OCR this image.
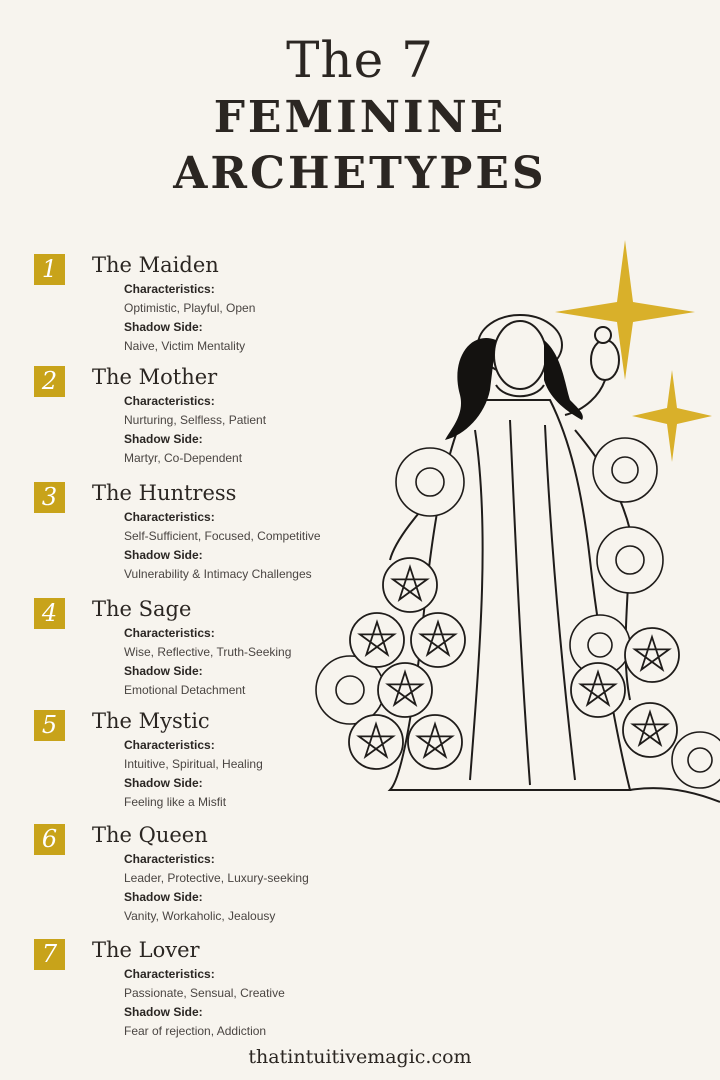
The 7
FEMININE
ARCHETYPES
1	The Maiden
Characteristics:
Optimistic, Playful, Open
Shadow Side:
Naive, Victim Mentality
2	The Mother
Characteristics:
Nurturing, Selfless, Patient
Shadow Side:
Martyr, Co-Dependent
3	The Huntress
Characteristics:
Self-Sufficient, Focused, Competitive
Shadow Side:
Vulnerability & Intimacy Challenges
4	The Sage
Characteristics:
Wise, Reflective, Truth-Seeking
Shadow Side:
Emotional Detachment
5	The Mystic
Characteristics:
Intuitive, Spiritual, Healing
Shadow Side:
Feeling like a Misfit
6	The Queen
Characteristics:
Leader, Protective, Luxury-seeking
Shadow Side:
Vanity, Workaholic, Jealousy
7	The Lover
Characteristics:
Passionate, Sensual, Creative
Shadow Side:
Fear of rejection, Addiction
thatintuitivemagic.com
